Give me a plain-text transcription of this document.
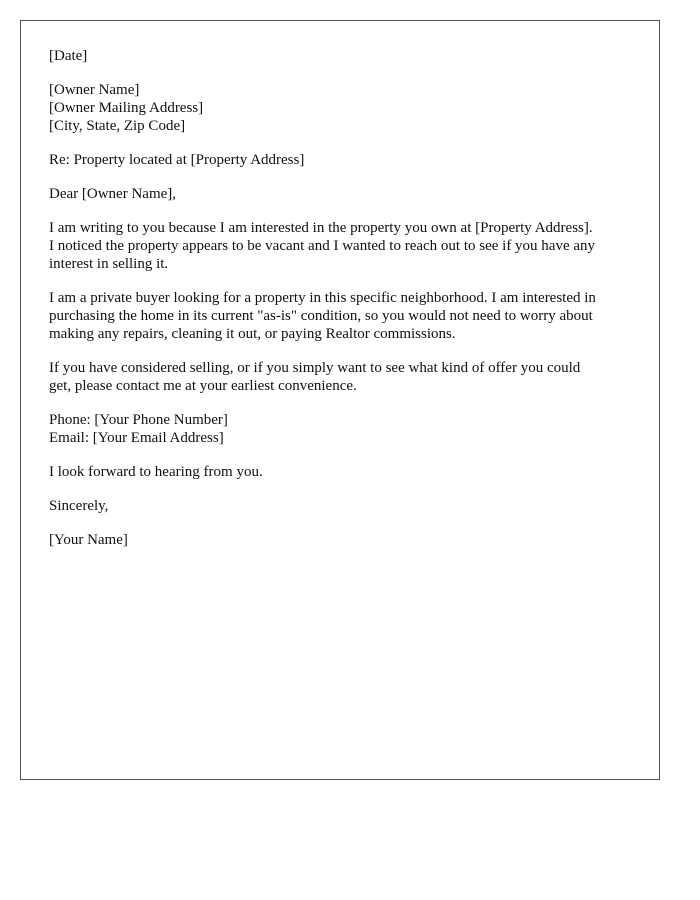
[Date]
[Owner Name]
[Owner Mailing Address]
[City, State, Zip Code]
Re: Property located at [Property Address]
Dear [Owner Name],
I am writing to you because I am interested in the property you own at [Property Address].
I noticed the property appears to be vacant and I wanted to reach out to see if you have any
interest in selling it.
I am a private buyer looking for a property in this specific neighborhood. I am interested in
purchasing the home in its current "as-is" condition, so you would not need to worry about
making any repairs, cleaning it out, or paying Realtor commissions.
If you have considered selling, or if you simply want to see what kind of offer you could
get, please contact me at your earliest convenience.
Phone: [Your Phone Number]
Email: [Your Email Address]
I look forward to hearing from you.
Sincerely,
[Your Name]
